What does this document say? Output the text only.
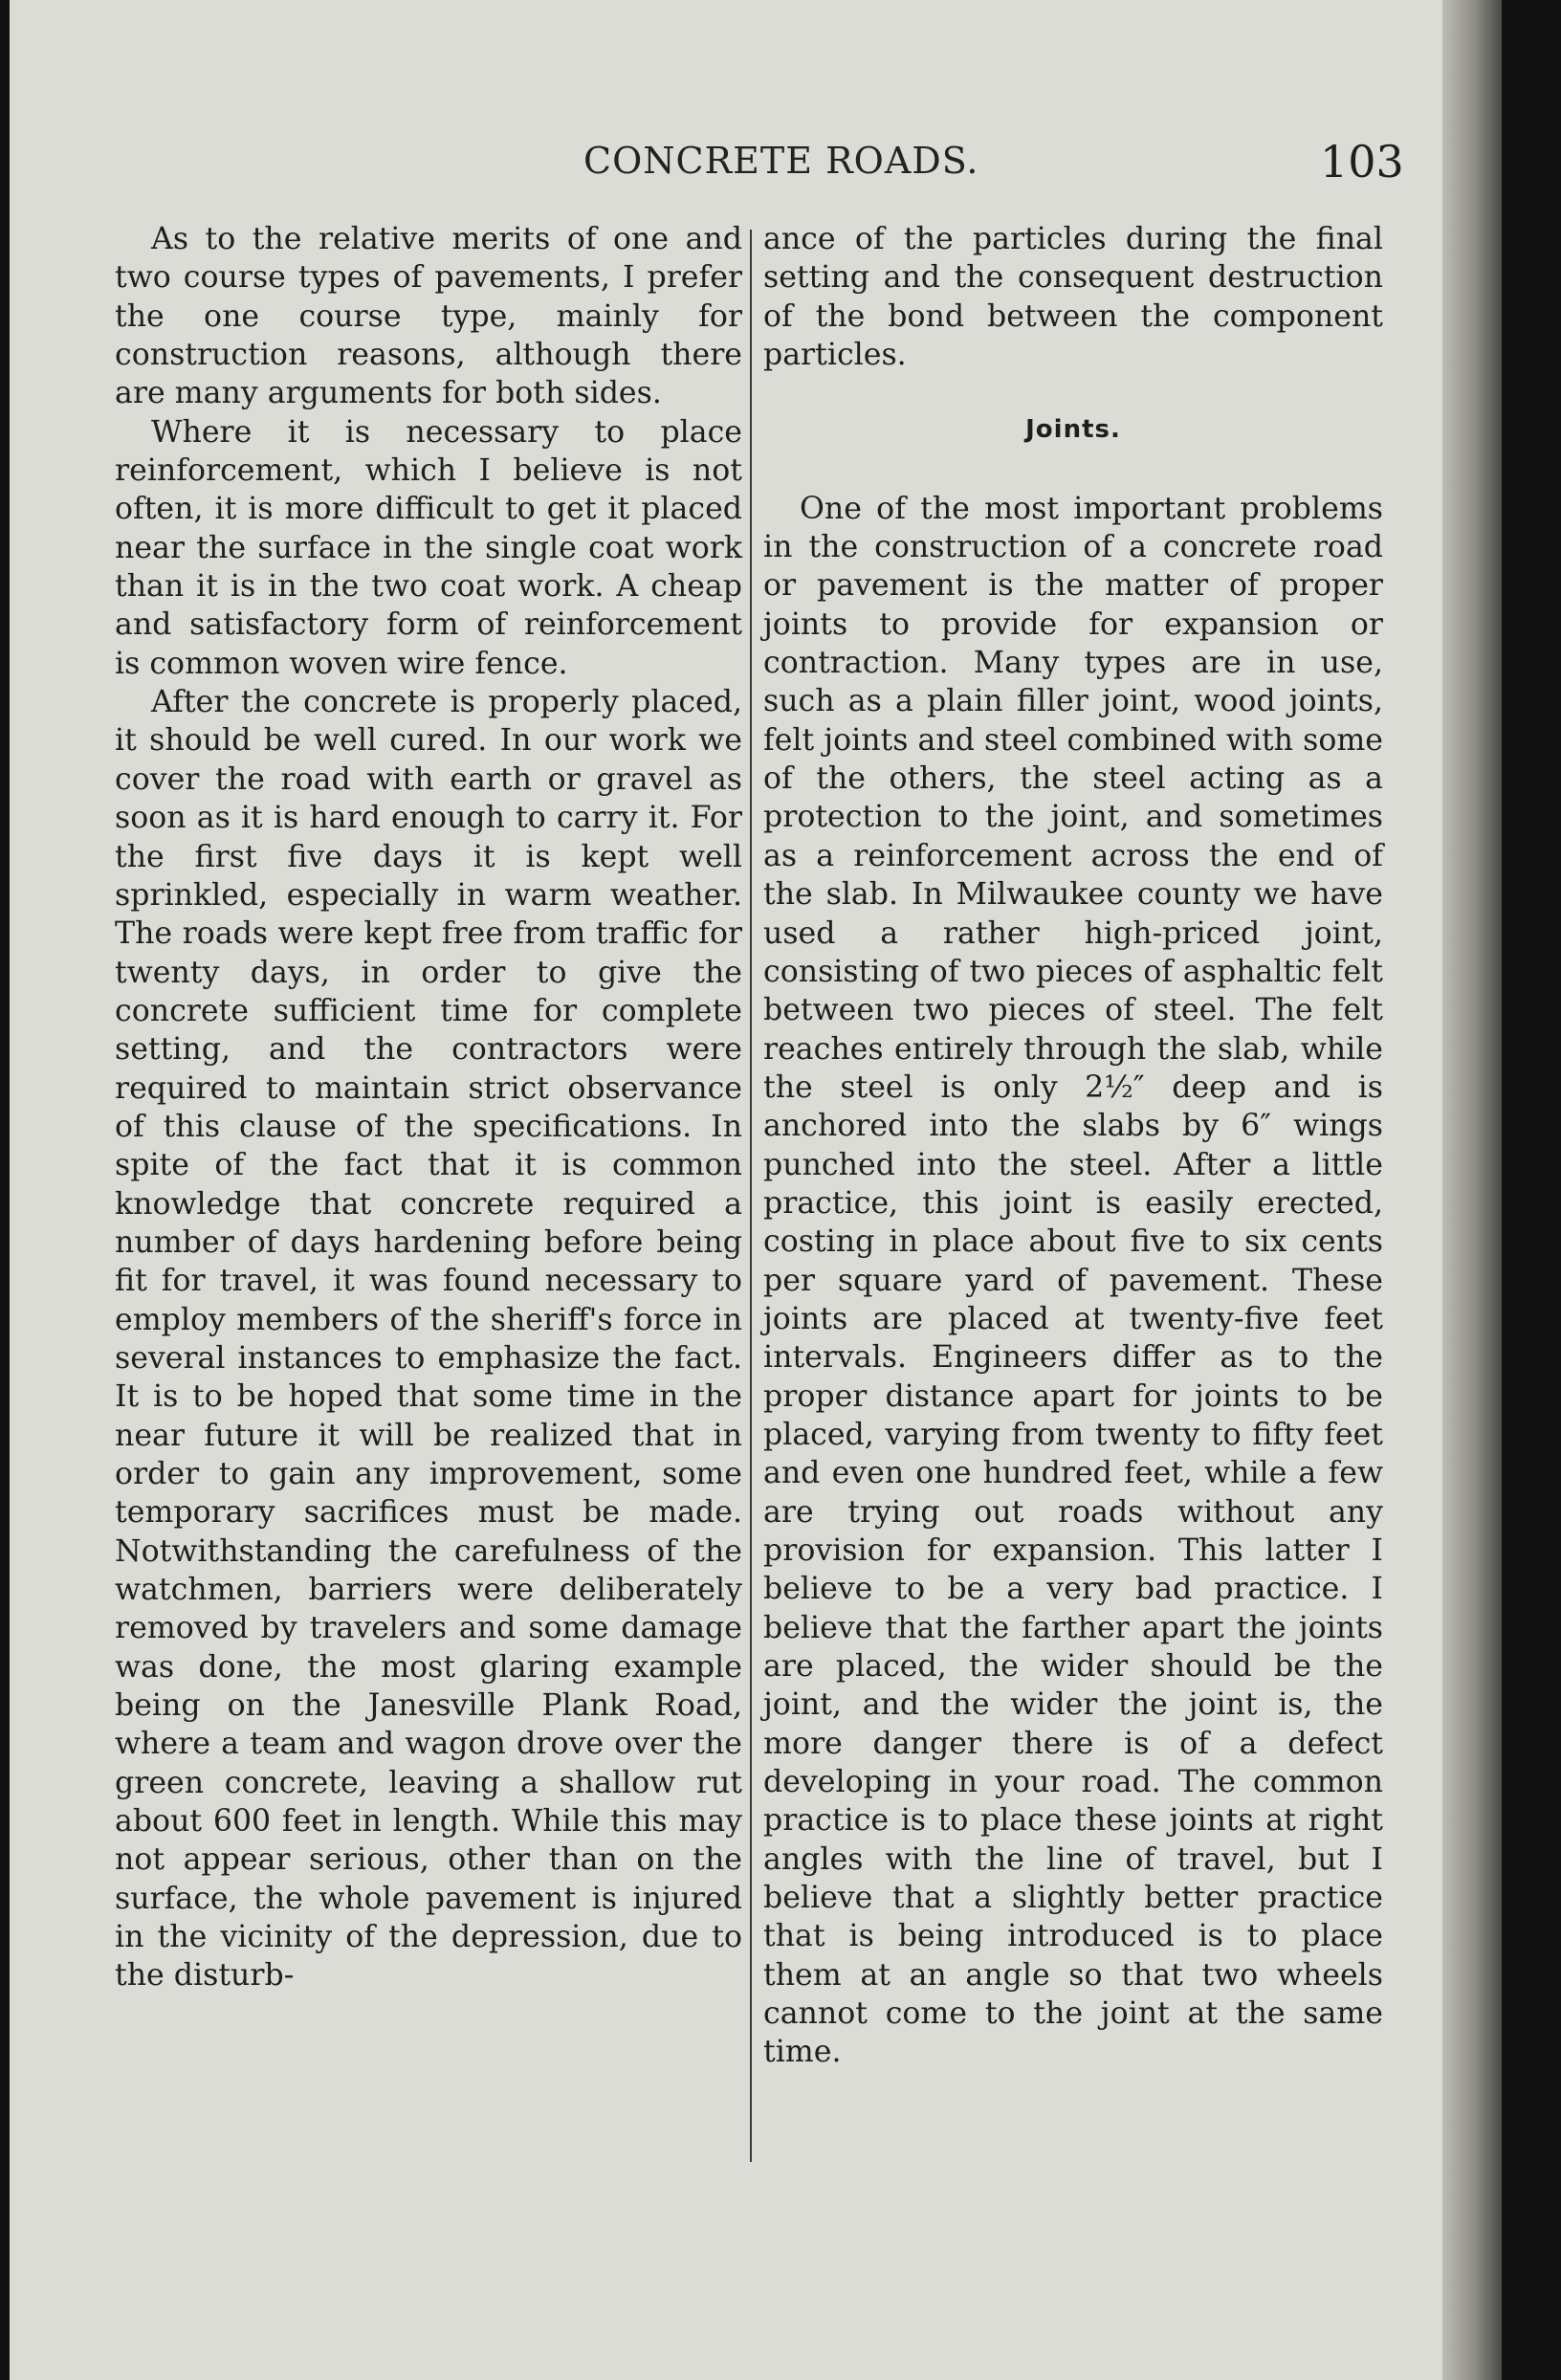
CONCRETE ROADS.	103

As to the relative merits of one and two course types of pavements, I prefer the one course type, mainly for construction reasons, although there are many arguments for both sides.

Where it is necessary to place reinforcement, which I believe is not often, it is more difficult to get it placed near the surface in the single coat work than it is in the two coat work. A cheap and satisfactory form of reinforcement is common woven wire fence.

After the concrete is properly placed, it should be well cured. In our work we cover the road with earth or gravel as soon as it is hard enough to carry it. For the first five days it is kept well sprinkled, especially in warm weather. The roads were kept free from traffic for twenty days, in order to give the concrete sufficient time for complete setting, and the contractors were required to maintain strict observance of this clause of the specifications. In spite of the fact that it is common knowledge that concrete required a number of days hardening before being fit for travel, it was found necessary to employ members of the sheriff's force in several instances to emphasize the fact. It is to be hoped that some time in the near future it will be realized that in order to gain any improvement, some temporary sacrifices must be made. Notwithstanding the carefulness of the watchmen, barriers were deliberately removed by travelers and some damage was done, the most glaring example being on the Janesville Plank Road, where a team and wagon drove over the green concrete, leaving a shallow rut about 600 feet in length. While this may not appear serious, other than on the surface, the whole pavement is injured in the vicinity of the depression, due to the disturb-

ance of the particles during the final setting and the consequent destruction of the bond between the component particles.

Joints.

One of the most important problems in the construction of a concrete road or pavement is the matter of proper joints to provide for expansion or contraction. Many types are in use, such as a plain filler joint, wood joints, felt joints and steel combined with some of the others, the steel acting as a protection to the joint, and sometimes as a reinforcement across the end of the slab. In Milwaukee county we have used a rather high-priced joint, consisting of two pieces of asphaltic felt between two pieces of steel. The felt reaches entirely through the slab, while the steel is only 2½″ deep and is anchored into the slabs by 6″ wings punched into the steel. After a little practice, this joint is easily erected, costing in place about five to six cents per square yard of pavement. These joints are placed at twenty-five feet intervals. Engineers differ as to the proper distance apart for joints to be placed, varying from twenty to fifty feet and even one hundred feet, while a few are trying out roads without any provision for expansion. This latter I believe to be a very bad practice. I believe that the farther apart the joints are placed, the wider should be the joint, and the wider the joint is, the more danger there is of a defect developing in your road. The common practice is to place these joints at right angles with the line of travel, but I believe that a slightly better practice that is being introduced is to place them at an angle so that two wheels cannot come to the joint at the same time.
